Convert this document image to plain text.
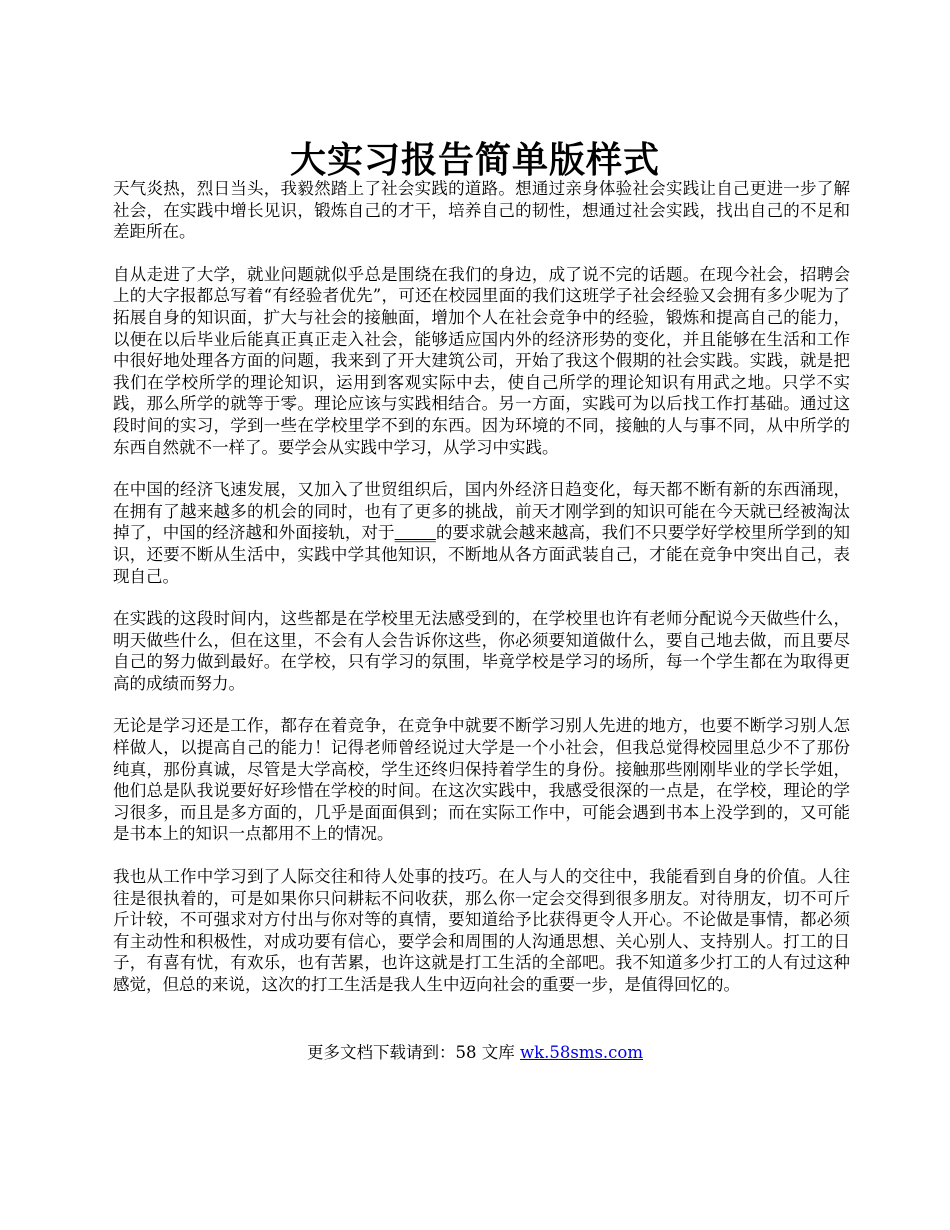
大实习报告简单版样式

天气炎热，烈日当头，我毅然踏上了社会实践的道路。想通过亲身体验社会实践让自己更进一步了解社会，在实践中增长见识，锻炼自己的才干，培养自己的韧性，想通过社会实践，找出自己的不足和差距所在。

自从走进了大学，就业问题就似乎总是围绕在我们的身边，成了说不完的话题。在现今社会，招聘会上的大字报都总写着“有经验者优先”，可还在校园里面的我们这班学子社会经验又会拥有多少呢为了拓展自身的知识面，扩大与社会的接触面，增加个人在社会竞争中的经验，锻炼和提高自己的能力，以便在以后毕业后能真正真正走入社会，能够适应国内外的经济形势的变化，并且能够在生活和工作中很好地处理各方面的问题，我来到了开大建筑公司，开始了我这个假期的社会实践。实践，就是把我们在学校所学的理论知识，运用到客观实际中去，使自己所学的理论知识有用武之地。只学不实践，那么所学的就等于零。理论应该与实践相结合。另一方面，实践可为以后找工作打基础。通过这段时间的实习，学到一些在学校里学不到的东西。因为环境的不同，接触的人与事不同，从中所学的东西自然就不一样了。要学会从实践中学习，从学习中实践。

在中国的经济飞速发展，又加入了世贸组织后，国内外经济日趋变化，每天都不断有新的东西涌现，在拥有了越来越多的机会的同时，也有了更多的挑战，前天才刚学到的知识可能在今天就已经被淘汰掉了，中国的经济越和外面接轨，对于_____的要求就会越来越高，我们不只要学好学校里所学到的知识，还要不断从生活中，实践中学其他知识，不断地从各方面武装自己，才能在竞争中突出自己，表现自己。

在实践的这段时间内，这些都是在学校里无法感受到的，在学校里也许有老师分配说今天做些什么，明天做些什么，但在这里，不会有人会告诉你这些，你必须要知道做什么，要自己地去做，而且要尽自己的努力做到最好。在学校，只有学习的氛围，毕竟学校是学习的场所，每一个学生都在为取得更高的成绩而努力。

无论是学习还是工作，都存在着竞争，在竞争中就要不断学习别人先进的地方，也要不断学习别人怎样做人，以提高自己的能力！记得老师曾经说过大学是一个小社会，但我总觉得校园里总少不了那份纯真，那份真诚，尽管是大学高校，学生还终归保持着学生的身份。接触那些刚刚毕业的学长学姐，他们总是队我说要好好珍惜在学校的时间。在这次实践中，我感受很深的一点是，在学校，理论的学习很多，而且是多方面的，几乎是面面俱到；而在实际工作中，可能会遇到书本上没学到的，又可能是书本上的知识一点都用不上的情况。

我也从工作中学习到了人际交往和待人处事的技巧。在人与人的交往中，我能看到自身的价值。人往往是很执着的，可是如果你只问耕耘不问收获，那么你一定会交得到很多朋友。对待朋友，切不可斤斤计较，不可强求对方付出与你对等的真情，要知道给予比获得更令人开心。不论做是事情，都必须有主动性和积极性，对成功要有信心，要学会和周围的人沟通思想、关心别人、支持别人。打工的日子，有喜有忧，有欢乐，也有苦累，也许这就是打工生活的全部吧。我不知道多少打工的人有过这种感觉，但总的来说，这次的打工生活是我人生中迈向社会的重要一步，是值得回忆的。

更多文档下载请到：58 文库 wk.58sms.com
